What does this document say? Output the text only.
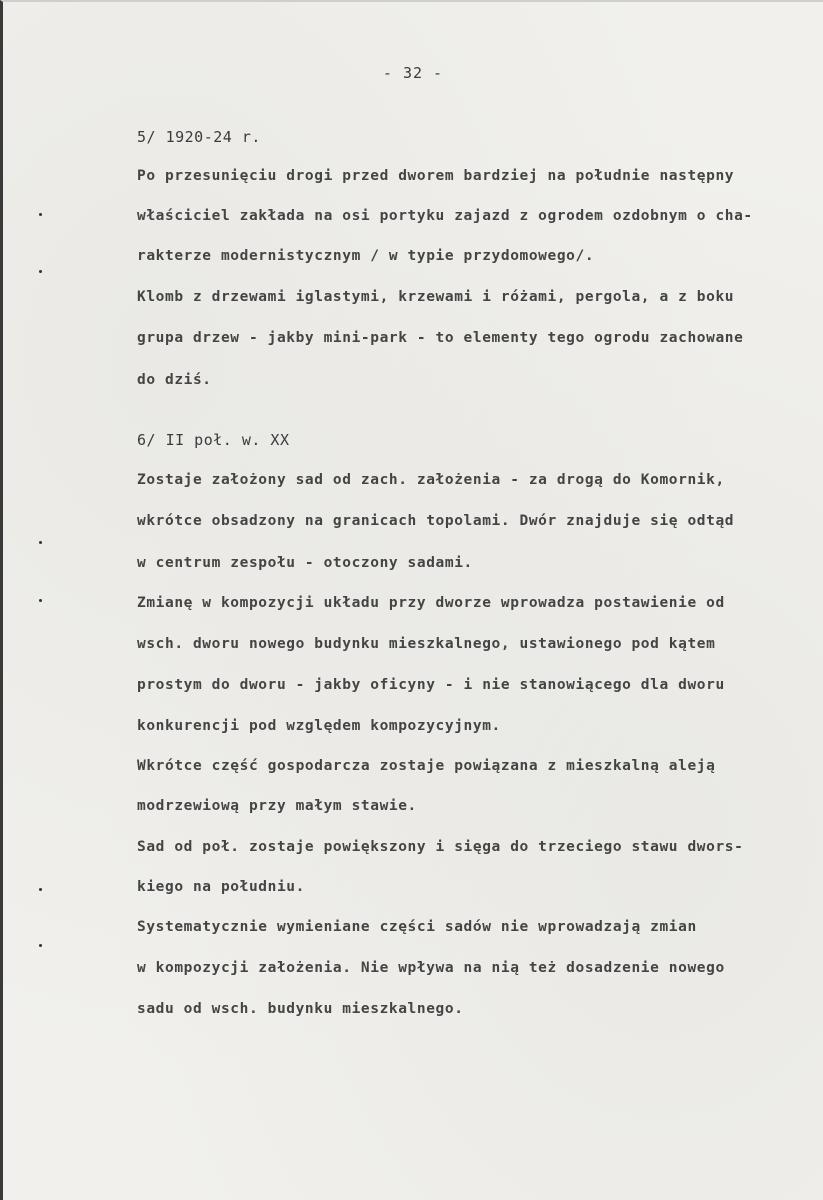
- 32 -
5/ 1920-24 r.
Po przesunięciu drogi przed dworem bardziej na południe następny
właściciel zakłada na osi portyku zajazd z ogrodem ozdobnym o cha-
rakterze modernistycznym / w typie przydomowego/.
Klomb z drzewami iglastymi, krzewami i różami, pergola, a z boku
grupa drzew - jakby mini-park - to elementy tego ogrodu zachowane
do dziś.
6/ II poł. w. XX
Zostaje założony sad od zach. założenia - za drogą do Komornik,
wkrótce obsadzony na granicach topolami. Dwór znajduje się odtąd
w centrum zespołu - otoczony sadami.
Zmianę w kompozycji układu przy dworze wprowadza postawienie od
wsch. dworu nowego budynku mieszkalnego, ustawionego pod kątem
prostym do dworu - jakby oficyny - i nie stanowiącego dla dworu
konkurencji pod względem kompozycyjnym.
Wkrótce część gospodarcza zostaje powiązana z mieszkalną aleją
modrzewiową przy małym stawie.
Sad od poł. zostaje powiększony i sięga do trzeciego stawu dwors-
kiego na południu.
Systematycznie wymieniane części sadów nie wprowadzają zmian
w kompozycji założenia. Nie wpływa na nią też dosadzenie nowego
sadu od wsch. budynku mieszkalnego.
